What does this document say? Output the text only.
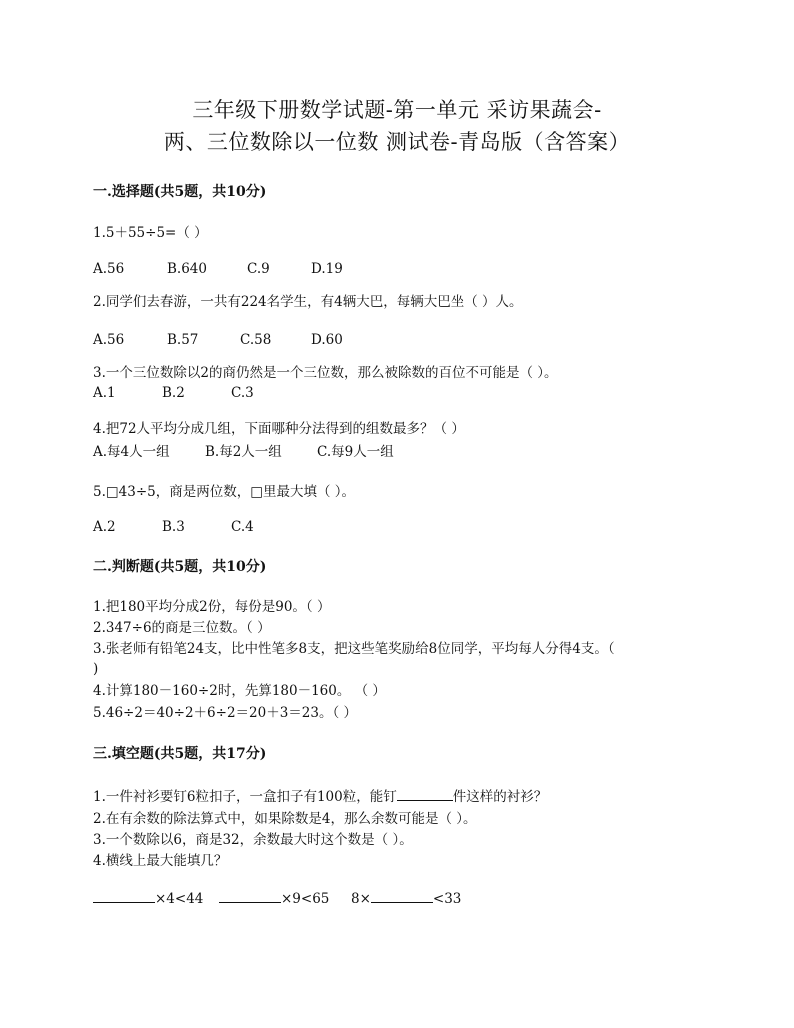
三年级下册数学试题-第一单元 采访果蔬会-
两、三位数除以一位数 测试卷-青岛版（含答案）
一.选择题(共5题，共10分)
1.5＋55÷5=（ ）
A.56	B.640	C.9	D.19
2.同学们去春游，一共有224名学生，有4辆大巴，每辆大巴坐（ ）人。
A.56	B.57	C.58	D.60
3.一个三位数除以2的商仍然是一个三位数，那么被除数的百位不可能是（ ）。
A.1	B.2	C.3
4.把72人平均分成几组，下面哪种分法得到的组数最多？（ ）
A.每4人一组	B.每2人一组	C.每9人一组
5.□43÷5，商是两位数，□里最大填（ ）。
A.2	B.3	C.4
二.判断题(共5题，共10分)
1.把180平均分成2份，每份是90。（ ）
2.347÷6的商是三位数。（ ）
3.张老师有铅笔24支，比中性笔多8支，把这些笔奖励给8位同学，平均每人分得4支。（
)
4.计算180－160÷2时，先算180－160。 （ ）
5.46÷2＝40÷2＋6÷2＝20＋3＝23。（ ）
三.填空题(共5题，共17分)
1.一件衬衫要钉6粒扣子，一盒扣子有100粒，能钉	件这样的衬衫？
2.在有余数的除法算式中，如果除数是4，那么余数可能是（ ）。
3.一个数除以6，商是32，余数最大时这个数是（ ）。
4.横线上最大能填几？
×4<44	×9<65 8×	<33
